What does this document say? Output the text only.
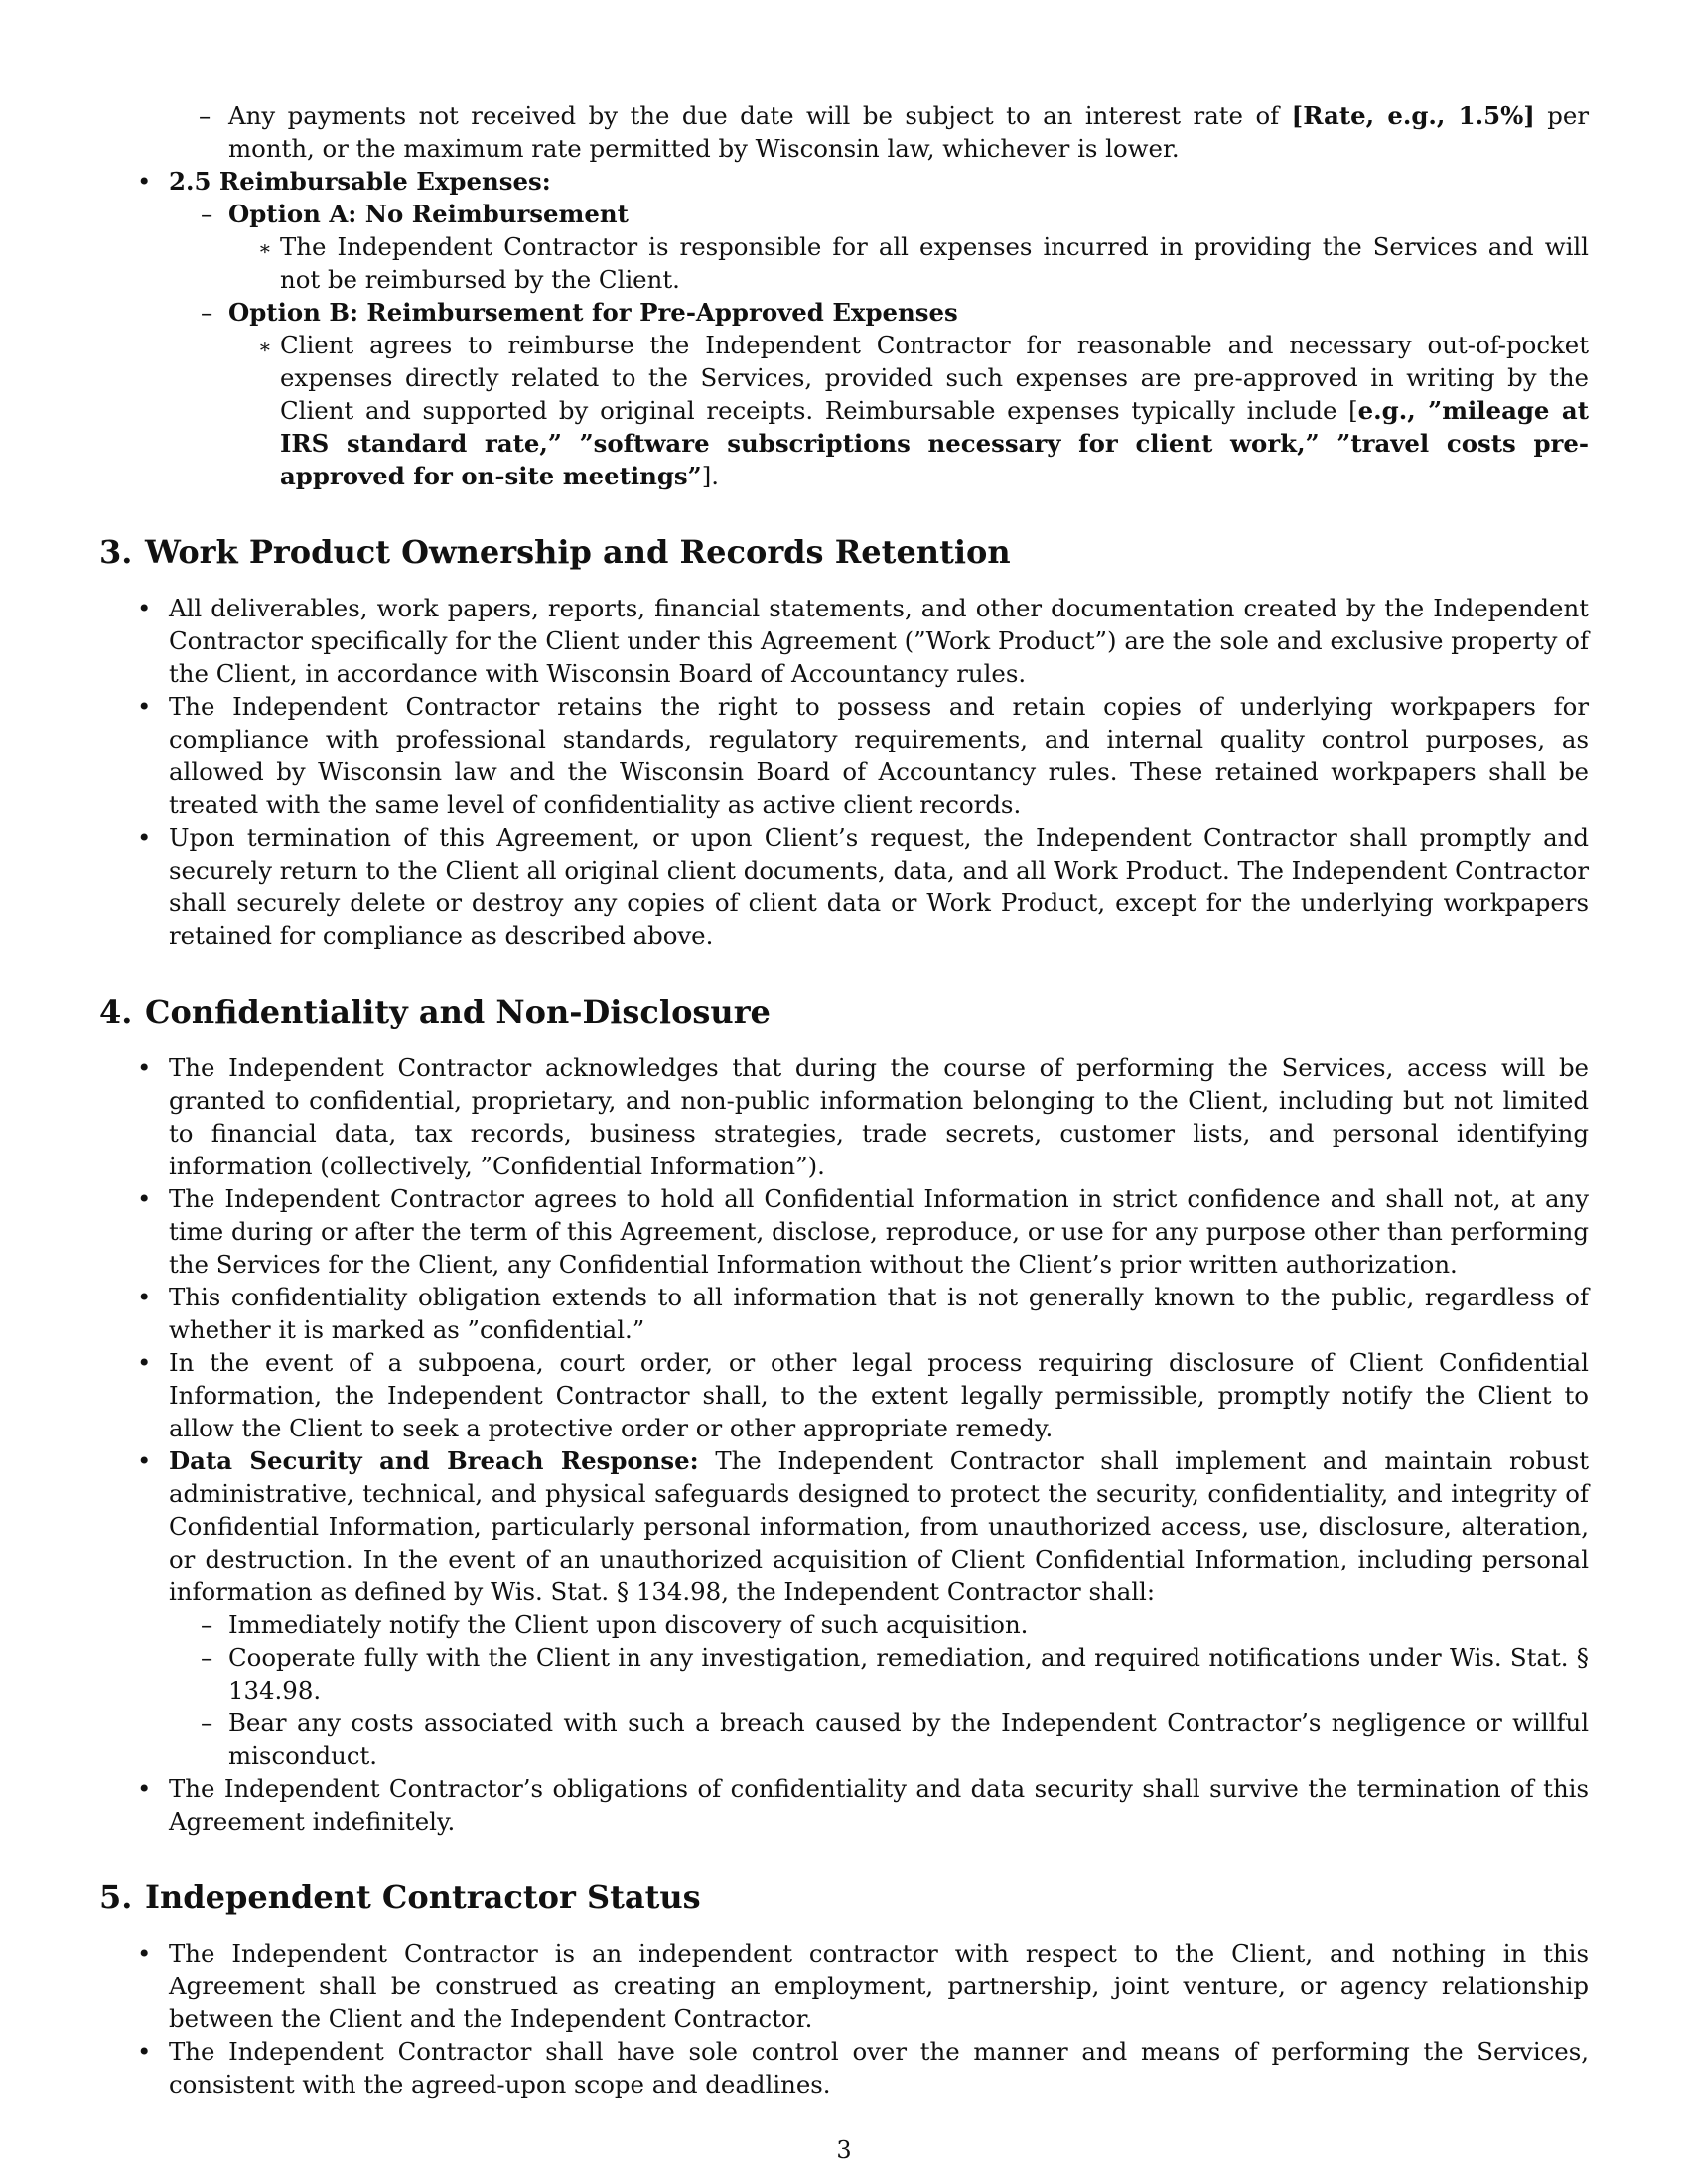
– Any payments not received by the due date will be subject to an interest rate of [Rate, e.g., 1.5%] per month, or the maximum rate permitted by Wisconsin law, whichever is lower.
• 2.5 Reimbursable Expenses:
– Option A: No Reimbursement
∗ The Independent Contractor is responsible for all expenses incurred in providing the Services and will not be reimbursed by the Client.
– Option B: Reimbursement for Pre-Approved Expenses
∗ Client agrees to reimburse the Independent Contractor for reasonable and necessary out-of-pocket expenses directly related to the Services, provided such expenses are pre-approved in writing by the Client and supported by original receipts. Reimbursable expenses typically include [e.g., ”mileage at IRS standard rate,” ”software subscriptions necessary for client work,” ”travel costs pre-approved for on-site meetings”].
3. Work Product Ownership and Records Retention
• All deliverables, work papers, reports, financial statements, and other documentation created by the Independent Contractor specifically for the Client under this Agreement (”Work Product”) are the sole and exclusive property of the Client, in accordance with Wisconsin Board of Accountancy rules.
• The Independent Contractor retains the right to possess and retain copies of underlying workpapers for compliance with professional standards, regulatory requirements, and internal quality control purposes, as allowed by Wisconsin law and the Wisconsin Board of Accountancy rules. These retained workpapers shall be treated with the same level of confidentiality as active client records.
• Upon termination of this Agreement, or upon Client’s request, the Independent Contractor shall promptly and securely return to the Client all original client documents, data, and all Work Product. The Independent Contractor shall securely delete or destroy any copies of client data or Work Product, except for the underlying workpapers retained for compliance as described above.
4. Confidentiality and Non-Disclosure
• The Independent Contractor acknowledges that during the course of performing the Services, access will be granted to confidential, proprietary, and non-public information belonging to the Client, including but not limited to financial data, tax records, business strategies, trade secrets, customer lists, and personal identifying information (collectively, ”Confidential Information”).
• The Independent Contractor agrees to hold all Confidential Information in strict confidence and shall not, at any time during or after the term of this Agreement, disclose, reproduce, or use for any purpose other than performing the Services for the Client, any Confidential Information without the Client’s prior written authorization.
• This confidentiality obligation extends to all information that is not generally known to the public, regardless of whether it is marked as ”confidential.”
• In the event of a subpoena, court order, or other legal process requiring disclosure of Client Confidential Information, the Independent Contractor shall, to the extent legally permissible, promptly notify the Client to allow the Client to seek a protective order or other appropriate remedy.
• Data Security and Breach Response: The Independent Contractor shall implement and maintain robust administrative, technical, and physical safeguards designed to protect the security, confidentiality, and integrity of Confidential Information, particularly personal information, from unauthorized access, use, disclosure, alteration, or destruction. In the event of an unauthorized acquisition of Client Confidential Information, including personal information as defined by Wis. Stat. § 134.98, the Independent Contractor shall:
– Immediately notify the Client upon discovery of such acquisition.
– Cooperate fully with the Client in any investigation, remediation, and required notifications under Wis. Stat. § 134.98.
– Bear any costs associated with such a breach caused by the Independent Contractor’s negligence or willful misconduct.
• The Independent Contractor’s obligations of confidentiality and data security shall survive the termination of this Agreement indefinitely.
5. Independent Contractor Status
• The Independent Contractor is an independent contractor with respect to the Client, and nothing in this Agreement shall be construed as creating an employment, partnership, joint venture, or agency relationship between the Client and the Independent Contractor.
• The Independent Contractor shall have sole control over the manner and means of performing the Services, consistent with the agreed-upon scope and deadlines.
3
